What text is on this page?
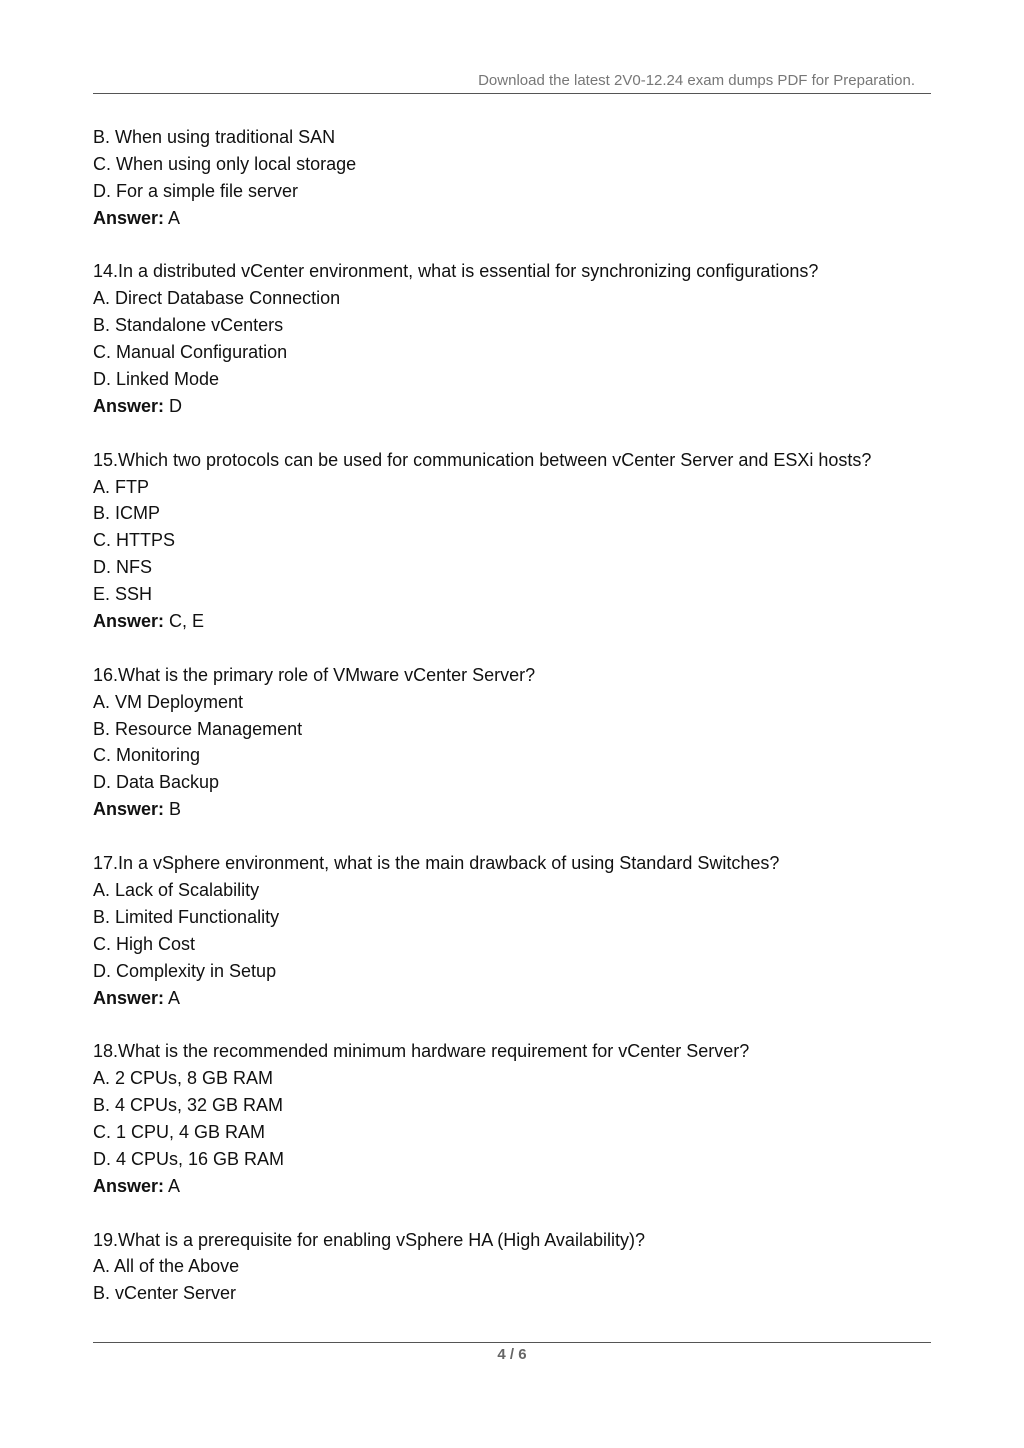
Download the latest 2V0-12.24 exam dumps PDF for Preparation.
B. When using traditional SAN
C. When using only local storage
D. For a simple file server
Answer: A
14.In a distributed vCenter environment, what is essential for synchronizing configurations?
A. Direct Database Connection
B. Standalone vCenters
C. Manual Configuration
D. Linked Mode
Answer: D
15.Which two protocols can be used for communication between vCenter Server and ESXi hosts?
A. FTP
B. ICMP
C. HTTPS
D. NFS
E. SSH
Answer: C, E
16.What is the primary role of VMware vCenter Server?
A. VM Deployment
B. Resource Management
C. Monitoring
D. Data Backup
Answer: B
17.In a vSphere environment, what is the main drawback of using Standard Switches?
A. Lack of Scalability
B. Limited Functionality
C. High Cost
D. Complexity in Setup
Answer: A
18.What is the recommended minimum hardware requirement for vCenter Server?
A. 2 CPUs, 8 GB RAM
B. 4 CPUs, 32 GB RAM
C. 1 CPU, 4 GB RAM
D. 4 CPUs, 16 GB RAM
Answer: A
19.What is a prerequisite for enabling vSphere HA (High Availability)?
A. All of the Above
B. vCenter Server
4 / 6
